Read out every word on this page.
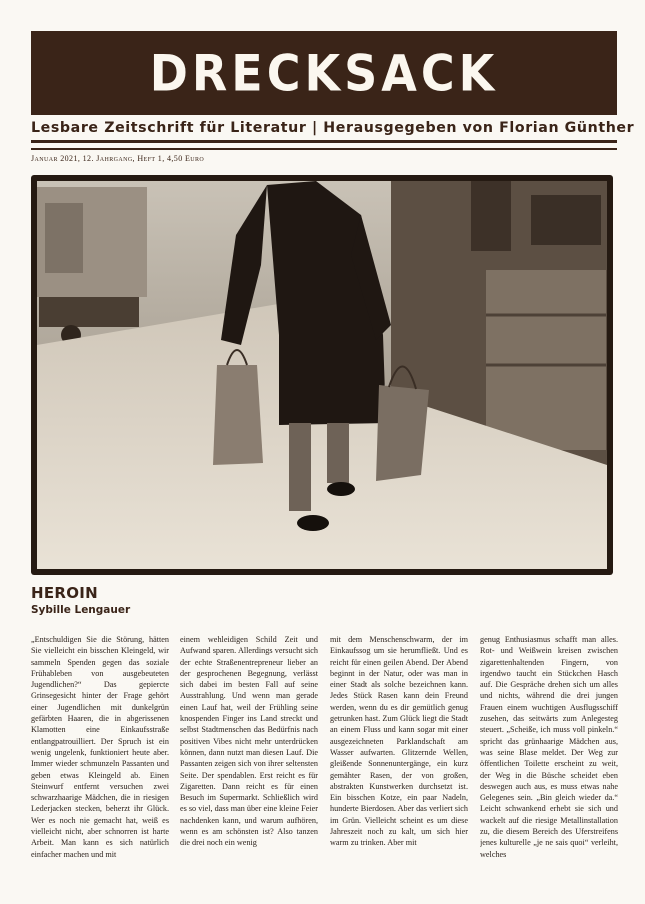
DRECKSACK
Lesbare Zeitschrift für Literatur | Herausgegeben von Florian Günther
Januar 2021, 12. Jahrgang, Heft 1, 4,50 Euro
HEROIN
Sybille Lengauer

„Entschuldigen Sie die Störung, hätten Sie vielleicht ein bisschen Kleingeld, wir sammeln Spenden gegen das soziale Frühableben von ausgebeuteten Jugendlichen?“ Das gepiercte Grinsegesicht hinter der Frage gehört einer Jugendlichen mit dunkelgrün gefärbten Haaren, die in abgerissenen Klamotten eine Einkaufsstraße entlangpatrouilliert. Der Spruch ist ein wenig ungelenk, funktioniert heute aber. Immer wieder schmunzeln Passanten und geben etwas Kleingeld ab. Einen Steinwurf entfernt versuchen zwei schwarzhaarige Mädchen, die in riesigen Lederjacken stecken, beherzt ihr Glück. Wer es noch nie gemacht hat, weiß es vielleicht nicht, aber schnorren ist harte Arbeit. Man kann es sich natürlich einfacher machen und mit

einem wehleidigen Schild Zeit und Aufwand sparen. Allerdings versucht sich der echte Straßenentrepreneur lieber an der gesprochenen Begegnung, verlässt sich dabei im besten Fall auf seine Ausstrahlung. Und wenn man gerade einen Lauf hat, weil der Frühling seine knospenden Finger ins Land streckt und selbst Stadtmenschen das Bedürfnis nach positiven Vibes nicht mehr unterdrücken können, dann nutzt man diesen Lauf. Die Passanten zeigen sich von ihrer seltensten Seite. Der spendablen. Erst reicht es für Zigaretten. Dann reicht es für einen Besuch im Supermarkt. Schließlich wird es so viel, dass man über eine kleine Feier nachdenken kann, und warum aufhören, wenn es am schönsten ist? Also tanzen die drei noch ein wenig

mit dem Menschenschwarm, der im Einkaufssog um sie herumfließt. Und es reicht für einen geilen Abend. Der Abend beginnt in der Natur, oder was man in einer Stadt als solche bezeichnen kann. Jedes Stück Rasen kann dein Freund werden, wenn du es dir gemütlich genug getrunken hast. Zum Glück liegt die Stadt an einem Fluss und kann sogar mit einer ausgezeichneten Parklandschaft am Wasser aufwarten. Glitzernde Wellen, gleißende Sonnenuntergänge, ein kurz gemähter Rasen, der von großen, abstrakten Kunstwerken durchsetzt ist. Ein bisschen Kotze, ein paar Nadeln, hunderte Bierdosen. Aber das verliert sich im Grün. Vielleicht scheint es um diese Jahreszeit noch zu kalt, um sich hier warm zu trinken. Aber mit

genug Enthusiasmus schafft man alles. Rot- und Weißwein kreisen zwischen zigarettenhaltenden Fingern, von irgendwo taucht ein Stückchen Hasch auf. Die Gespräche drehen sich um alles und nichts, während die drei jungen Frauen einem wuchtigen Ausflugsschiff zusehen, das seitwärts zum Anlegesteg steuert. „Scheiße, ich muss voll pinkeln.“ spricht das grünhaarige Mädchen aus, was seine Blase meldet. Der Weg zur öffentlichen Toilette erscheint zu weit, der Weg in die Büsche scheidet eben deswegen auch aus, es muss etwas nahe Gelegenes sein. „Bin gleich wieder da.“ Leicht schwankend erhebt sie sich und wackelt auf die riesige Metallinstallation zu, die diesem Bereich des Uferstreifens jenes kulturelle „je ne sais quoi“ verleiht, welches
